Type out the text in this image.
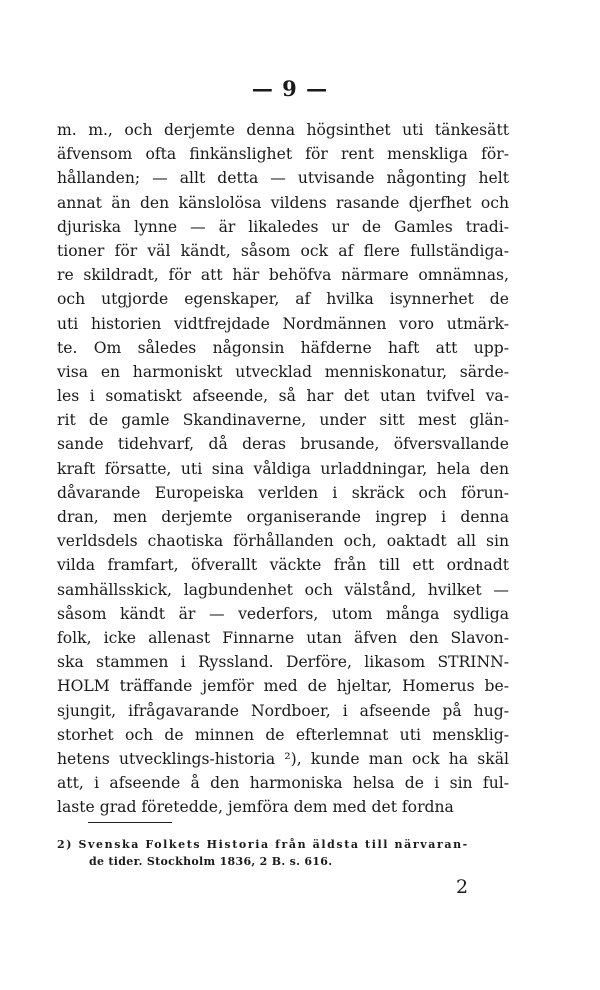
— 9 —
m. m., och derjemte denna högsinthet uti tänkesätt
äfvensom ofta finkänslighet för rent menskliga för-
hållanden; — allt detta — utvisande någonting helt
annat än den känslolösa vildens rasande djerfhet och
djuriska lynne — är likaledes ur de Gamles tradi-
tioner för väl kändt, såsom ock af flere fullständiga-
re skildradt, för att här behöfva närmare omnämnas,
och utgjorde egenskaper, af hvilka isynnerhet de
uti historien vidtfrejdade Nordmännen voro utmärk-
te. Om således någonsin häfderne haft att upp-
visa en harmoniskt utvecklad menniskonatur, särde-
les i somatiskt afseende, så har det utan tvifvel va-
rit de gamle Skandinaverne, under sitt mest glän-
sande tidehvarf, då deras brusande, öfversvallande
kraft försatte, uti sina våldiga urladdningar, hela den
dåvarande Europeiska verlden i skräck och förun-
dran, men derjemte organiserande ingrep i denna
verldsdels chaotiska förhållanden och, oaktadt all sin
vilda framfart, öfverallt väckte från till ett ordnadt
samhällsskick, lagbundenhet och välstånd, hvilket —
såsom kändt är — vederfors, utom många sydliga
folk, icke allenast Finnarne utan äfven den Slavon-
ska stammen i Ryssland. Derföre, likasom STRINN-
HOLM träffande jemför med de hjeltar, Homerus be-
sjungit, ifrågavarande Nordboer, i afseende på hug-
storhet och de minnen de efterlemnat uti mensklig-
hetens utvecklings-historia ²), kunde man ock ha skäl
att, i afseende å den harmoniska helsa de i sin ful-
laste grad företedde, jemföra dem med det fordna
2) Svenska Folkets Historia från äldsta till närvaran-
de tider. Stockholm 1836, 2 B. s. 616.
2
